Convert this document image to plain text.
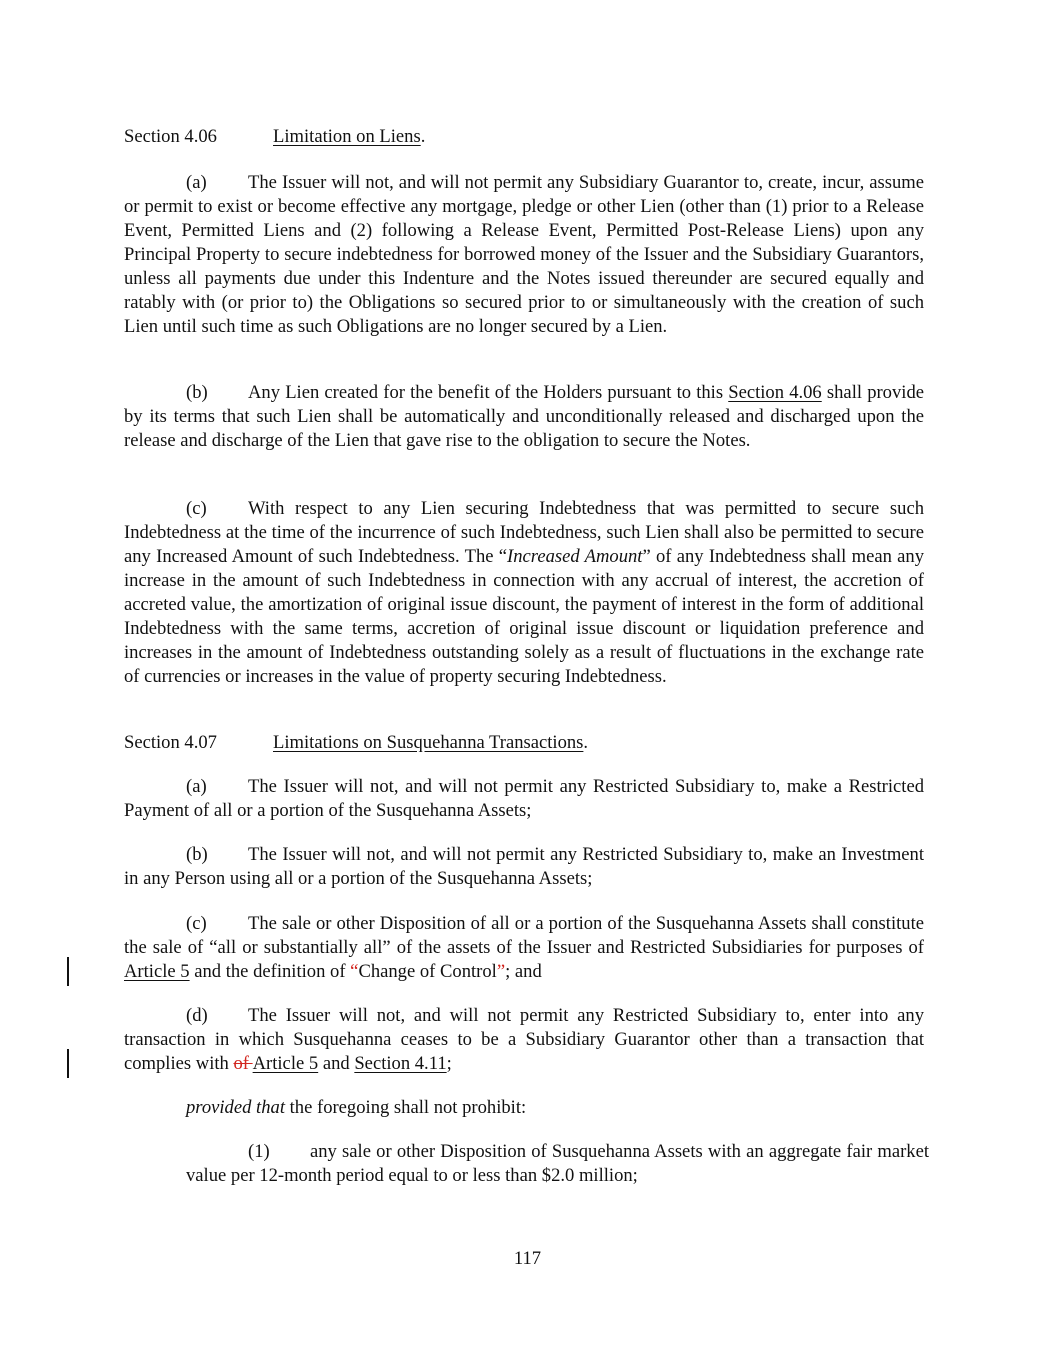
Section 4.06	Limitation on Liens.

(a) The Issuer will not, and will not permit any Subsidiary Guarantor to, create, incur, assume or permit to exist or become effective any mortgage, pledge or other Lien (other than (1) prior to a Release Event, Permitted Liens and (2) following a Release Event, Permitted Post-Release Liens) upon any Principal Property to secure indebtedness for borrowed money of the Issuer and the Subsidiary Guarantors, unless all payments due under this Indenture and the Notes issued thereunder are secured equally and ratably with (or prior to) the Obligations so secured prior to or simultaneously with the creation of such Lien until such time as such Obligations are no longer secured by a Lien.

(b) Any Lien created for the benefit of the Holders pursuant to this Section 4.06 shall provide by its terms that such Lien shall be automatically and unconditionally released and discharged upon the release and discharge of the Lien that gave rise to the obligation to secure the Notes.

(c) With respect to any Lien securing Indebtedness that was permitted to secure such Indebtedness at the time of the incurrence of such Indebtedness, such Lien shall also be permitted to secure any Increased Amount of such Indebtedness. The “Increased Amount” of any Indebtedness shall mean any increase in the amount of such Indebtedness in connection with any accrual of interest, the accretion of accreted value, the amortization of original issue discount, the payment of interest in the form of additional Indebtedness with the same terms, accretion of original issue discount or liquidation preference and increases in the amount of Indebtedness outstanding solely as a result of fluctuations in the exchange rate of currencies or increases in the value of property securing Indebtedness.

Section 4.07	Limitations on Susquehanna Transactions.

(a) The Issuer will not, and will not permit any Restricted Subsidiary to, make a Restricted Payment of all or a portion of the Susquehanna Assets;

(b) The Issuer will not, and will not permit any Restricted Subsidiary to, make an Investment in any Person using all or a portion of the Susquehanna Assets;

(c) The sale or other Disposition of all or a portion of the Susquehanna Assets shall constitute the sale of “all or substantially all” of the assets of the Issuer and Restricted Subsidiaries for purposes of Article 5 and the definition of “Change of Control”; and

(d) The Issuer will not, and will not permit any Restricted Subsidiary to, enter into any transaction in which Susquehanna ceases to be a Subsidiary Guarantor other than a transaction that complies with of Article 5 and Section 4.11;

provided that the foregoing shall not prohibit:

(1) any sale or other Disposition of Susquehanna Assets with an aggregate fair market value per 12-month period equal to or less than $2.0 million;

117
